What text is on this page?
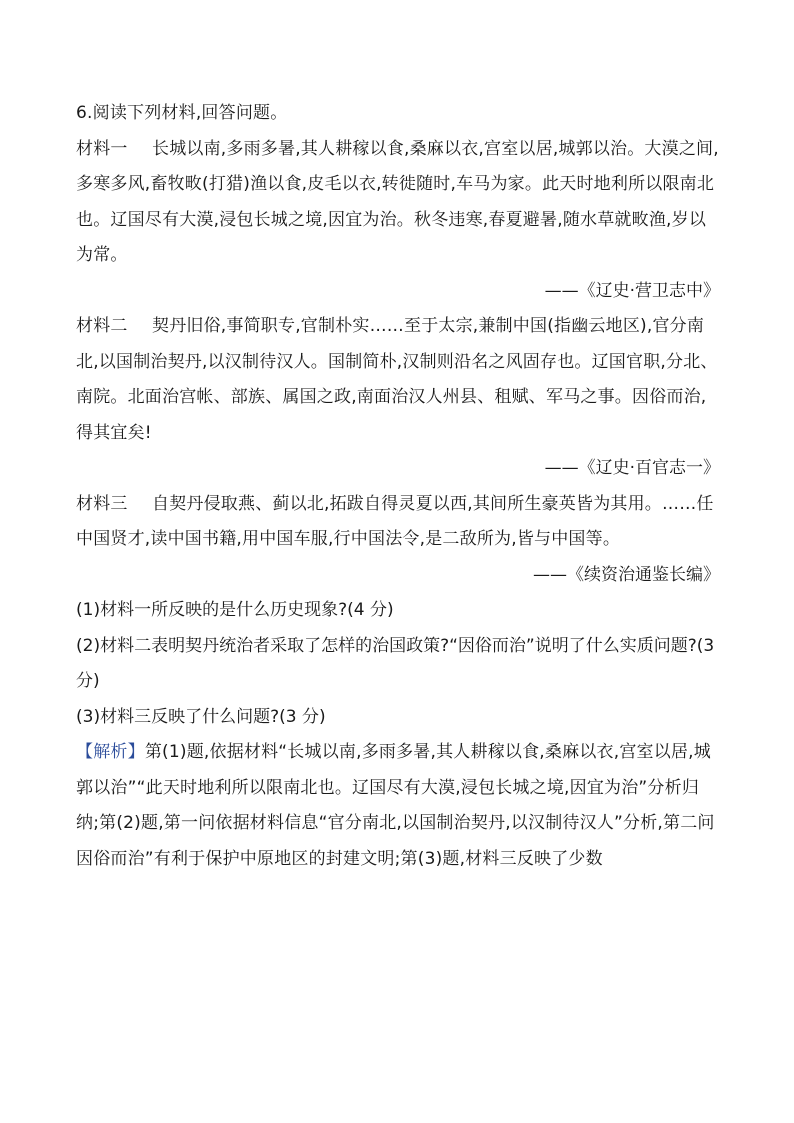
6.阅读下列材料,回答问题。

材料一 长城以南,多雨多暑,其人耕稼以食,桑麻以衣,宫室以居,城郭以治。大漠之间,多寒多风,畜牧畋(打猎)渔以食,皮毛以衣,转徙随时,车马为家。此天时地利所以限南北也。辽国尽有大漠,浸包长城之境,因宜为治。秋冬违寒,春夏避暑,随水草就畋渔,岁以为常。

——《辽史·营卫志中》

材料二 契丹旧俗,事简职专,官制朴实……至于太宗,兼制中国(指幽云地区),官分南北,以国制治契丹,以汉制待汉人。国制简朴,汉制则沿名之风固存也。辽国官职,分北、南院。北面治宫帐、部族、属国之政,南面治汉人州县、租赋、军马之事。因俗而治,得其宜矣!

——《辽史·百官志一》

材料三 自契丹侵取燕、蓟以北,拓跋自得灵夏以西,其间所生豪英皆为其用。……任中国贤才,读中国书籍,用中国车服,行中国法令,是二敌所为,皆与中国等。

——《续资治通鉴长编》

(1)材料一所反映的是什么历史现象?(4 分)

(2)材料二表明契丹统治者采取了怎样的治国政策?“因俗而治”说明了什么实质问题?(3 分)

(3)材料三反映了什么问题?(3 分)

【解析】第(1)题,依据材料“长城以南,多雨多暑,其人耕稼以食,桑麻以衣,宫室以居,城郭以治”“此天时地利所以限南北也。辽国尽有大漠,浸包长城之境,因宜为治”分析归纳;第(2)题,第一问依据材料信息“官分南北,以国制治契丹,以汉制待汉人”分析,第二问因俗而治”有利于保护中原地区的封建文明;第(3)题,材料三反映了少数
